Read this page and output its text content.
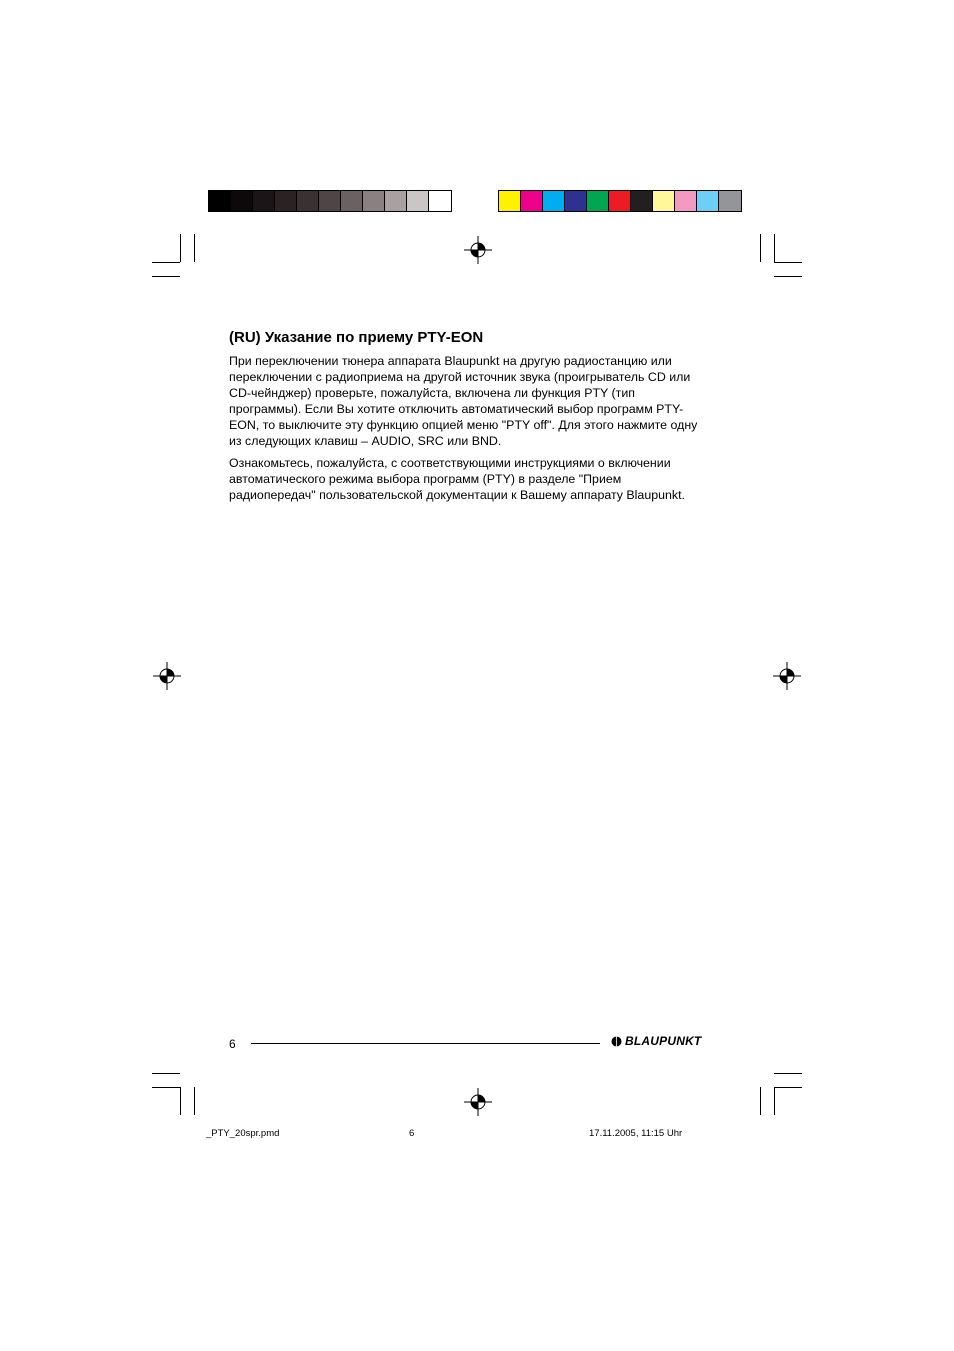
(RU) Указание по приему PTY-EON

При переключении тюнера аппарата Blaupunkt на другую радиостанцию или переключении с радиоприема на другой источник звука (проигрыватель CD или CD-чейнджер) проверьте, пожалуйста, включена ли функция PTY (тип программы). Если Вы хотите отключить автоматический выбор программ PTY-EON, то выключите эту функцию опцией меню "PTY off". Для этого нажмите одну из следующих клавиш – AUDIO, SRC или BND.

Ознакомьтесь, пожалуйста, с соответствующими инструкциями о включении автоматического режима выбора программ (PTY) в разделе "Прием радиопередач" пользовательской документации к Вашему аппарату Blaupunkt.

6	BLAUPUNKT
_PTY_20spr.pmd	6	17.11.2005, 11:15 Uhr
